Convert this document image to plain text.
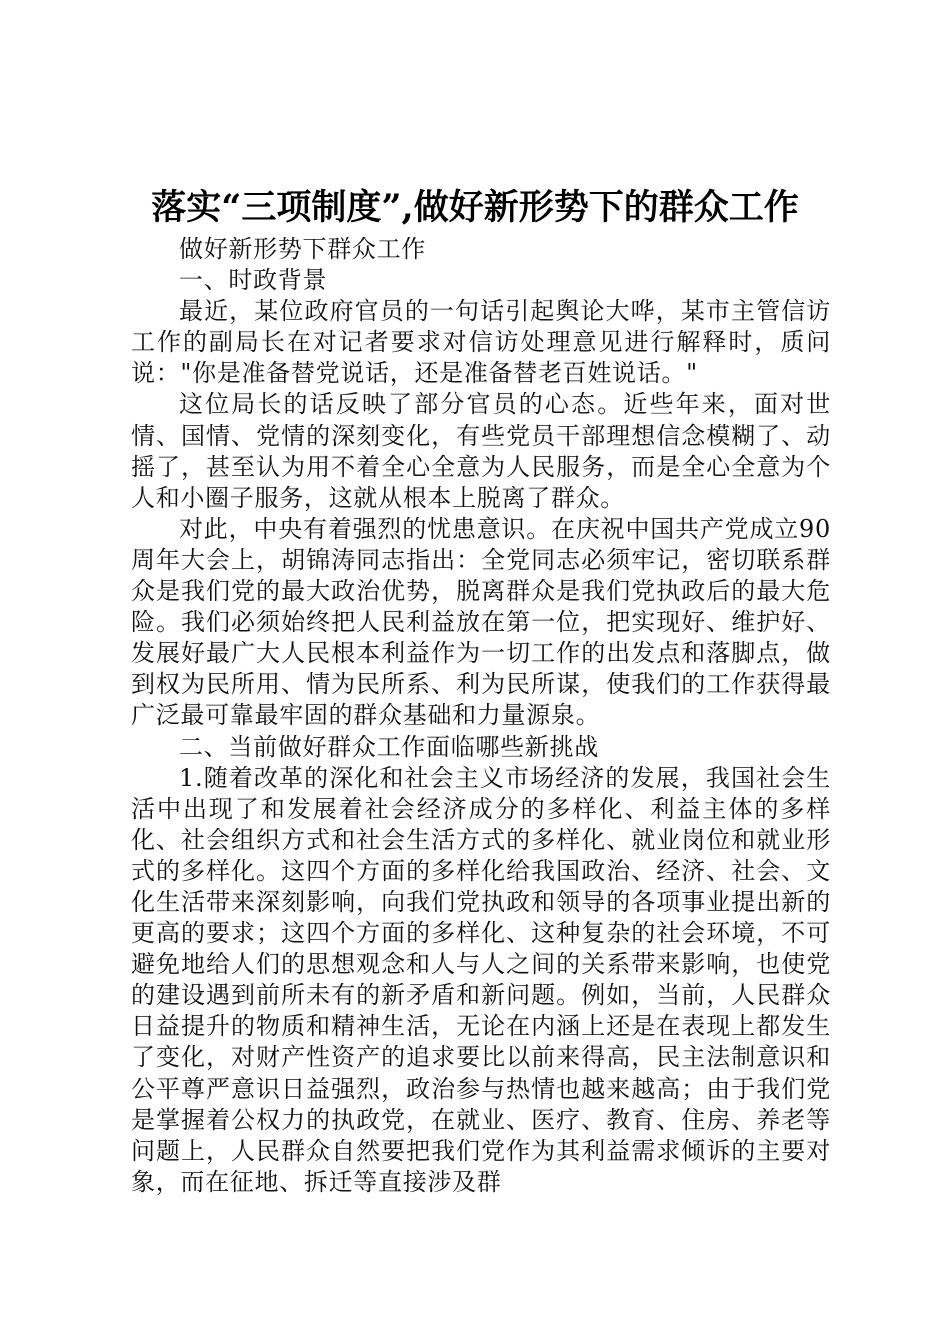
落实“三项制度”,做好新形势下的群众工作

做好新形势下群众工作

一、时政背景

最近，某位政府官员的一句话引起舆论大哗，某市主管信访工作的副局长在对记者要求对信访处理意见进行解释时，质问说："你是准备替党说话，还是准备替老百姓说话。"

这位局长的话反映了部分官员的心态。近些年来，面对世情、国情、党情的深刻变化，有些党员干部理想信念模糊了、动摇了，甚至认为用不着全心全意为人民服务，而是全心全意为个人和小圈子服务，这就从根本上脱离了群众。

对此，中央有着强烈的忧患意识。在庆祝中国共产党成立90周年大会上，胡锦涛同志指出：全党同志必须牢记，密切联系群众是我们党的最大政治优势，脱离群众是我们党执政后的最大危险。我们必须始终把人民利益放在第一位，把实现好、维护好、发展好最广大人民根本利益作为一切工作的出发点和落脚点，做到权为民所用、情为民所系、利为民所谋，使我们的工作获得最广泛最可靠最牢固的群众基础和力量源泉。

二、当前做好群众工作面临哪些新挑战

1.随着改革的深化和社会主义市场经济的发展，我国社会生活中出现了和发展着社会经济成分的多样化、利益主体的多样化、社会组织方式和社会生活方式的多样化、就业岗位和就业形式的多样化。这四个方面的多样化给我国政治、经济、社会、文化生活带来深刻影响，向我们党执政和领导的各项事业提出新的更高的要求；这四个方面的多样化、这种复杂的社会环境，不可避免地给人们的思想观念和人与人之间的关系带来影响，也使党的建设遇到前所未有的新矛盾和新问题。例如，当前，人民群众日益提升的物质和精神生活，无论在内涵上还是在表现上都发生了变化，对财产性资产的追求要比以前来得高，民主法制意识和公平尊严意识日益强烈，政治参与热情也越来越高；由于我们党是掌握着公权力的执政党，在就业、医疗、教育、住房、养老等问题上，人民群众自然要把我们党作为其利益需求倾诉的主要对象，而在征地、拆迁等直接涉及群
